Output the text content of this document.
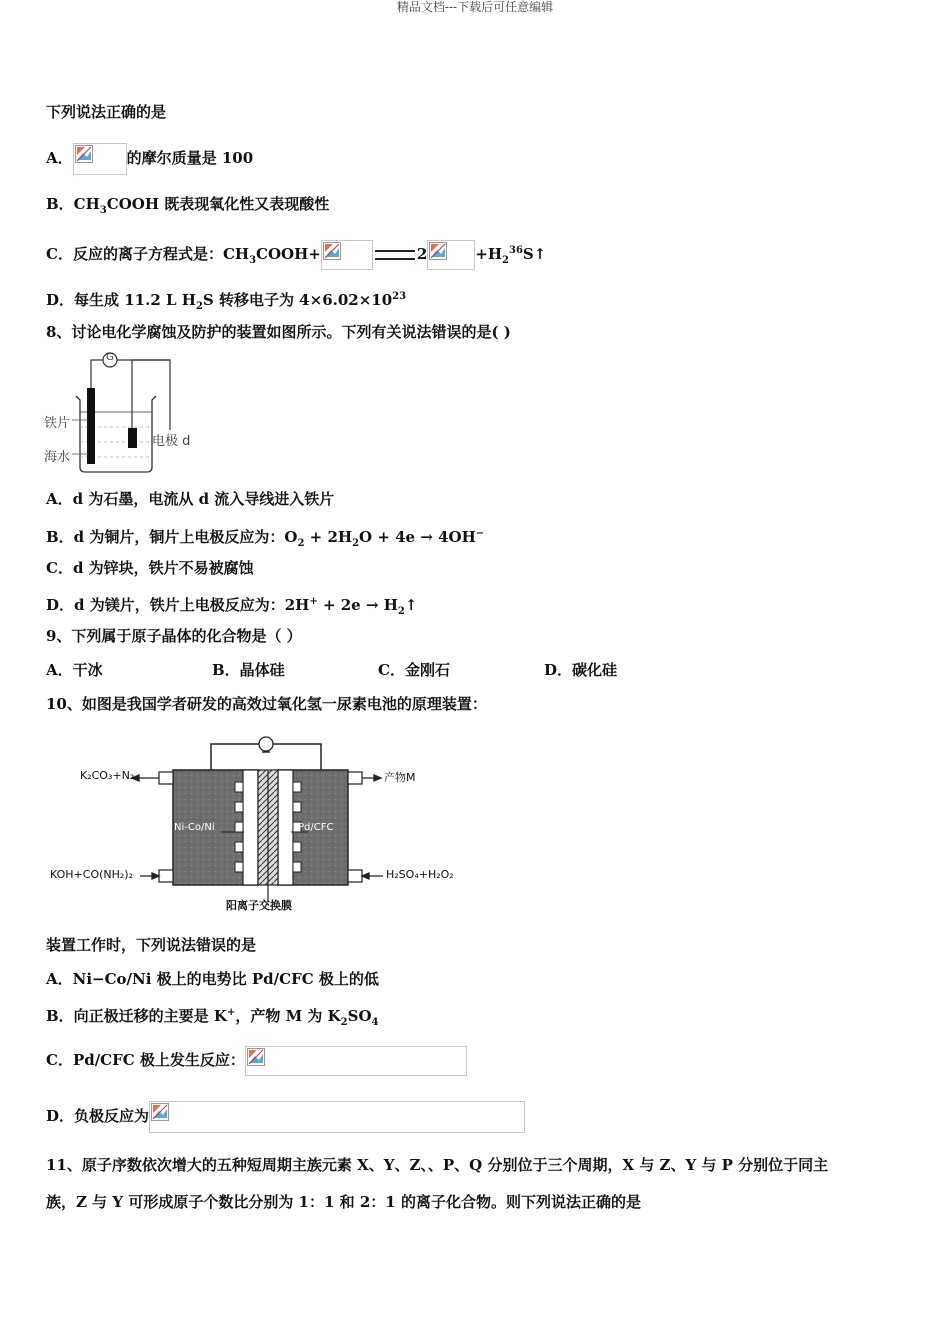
精品文档---下载后可任意编辑
下列说法正确的是
A．	的摩尔质量是 100
B．$CH_3COOH$ 既表现氧化性又表现酸性
C．反应的离子方程式是：$CH_3COOH+$	2	$+H_2^{36}S↑$
D．每生成 11.2 L $H_2S$ 转移电子为 $4\times 6.02\times 10^{23}$
8、讨论电化学腐蚀及防护的装置如图所示。下列有关说法错误的是( )
G
铁片
海水
电极 d
A．d 为石墨，电流从 d 流入导线进入铁片
B．d 为铜片，铜片上电极反应为：$O_2 + 2H_2O + 4e \to 4OH^-$
C．d 为锌块，铁片不易被腐蚀
D．d 为镁片，铁片上电极反应为：$2H^+ + 2e \to H_2↑$
9、下列属于原子晶体的化合物是（ ）
A．干冰	B．晶体硅	C．金刚石	D．碳化硅
10、如图是我国学者研发的高效过氧化氢一尿素电池的原理装置：
K₂CO₃+N₂	产物M
Ni-Co/Ni	Pd/CFC
KOH+CO(NH₂)₂	H₂SO₄+H₂O₂
阳离子交换膜
装置工作时，下列说法错误的是
A．Ni−Co/Ni 极上的电势比 Pd/CFC 极上的低
B．向正极迁移的主要是 K+，产物 M 为 $K_2SO_4$
C．Pd/CFC 极上发生反应：
D．负极反应为
11、原子序数依次增大的五种短周期主族元素 X、Y、Z、、P、Q 分别位于三个周期，X 与 Z、Y 与 P 分别位于同主
族，Z 与 Y 可形成原子个数比分别为 1：1 和 2：1 的离子化合物。则下列说法正确的是
